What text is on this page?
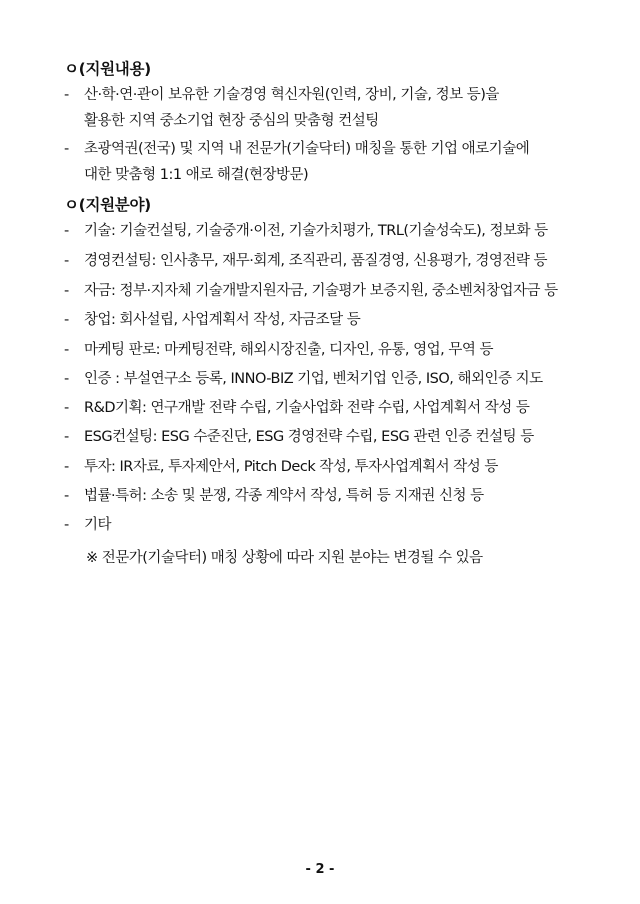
ㅇ(지원내용)
- 산·학·연·관이 보유한 기술경영 혁신자원(인력, 장비, 기술, 정보 등)을
활용한 지역 중소기업 현장 중심의 맞춤형 컨설팅
- 초광역권(전국) 및 지역 내 전문가(기술닥터) 매칭을 통한 기업 애로기술에
대한 맞춤형 1:1 애로 해결(현장방문)
ㅇ(지원분야)
- 기술: 기술컨설팅, 기술중개·이전, 기술가치평가, TRL(기술성숙도), 정보화 등
- 경영컨설팅: 인사총무, 재무·회계, 조직관리, 품질경영, 신용평가, 경영전략 등
- 자금: 정부·지자체 기술개발지원자금, 기술평가 보증지원, 중소벤처창업자금 등
- 창업: 회사설립, 사업계획서 작성, 자금조달 등
- 마케팅 판로: 마케팅전략, 해외시장진출, 디자인, 유통, 영업, 무역 등
- 인증 : 부설연구소 등록, INNO-BIZ 기업, 벤처기업 인증, ISO, 해외인증 지도
- R&D기획: 연구개발 전략 수립, 기술사업화 전략 수립, 사업계획서 작성 등
- ESG컨설팅: ESG 수준진단, ESG 경영전략 수립, ESG 관련 인증 컨설팅 등
- 투자: IR자료, 투자제안서, Pitch Deck 작성, 투자사업계획서 작성 등
- 법률·특허: 소송 및 분쟁, 각종 계약서 작성, 특허 등 지재권 신청 등
- 기타
※ 전문가(기술닥터) 매칭 상황에 따라 지원 분야는 변경될 수 있음
- 2 -
